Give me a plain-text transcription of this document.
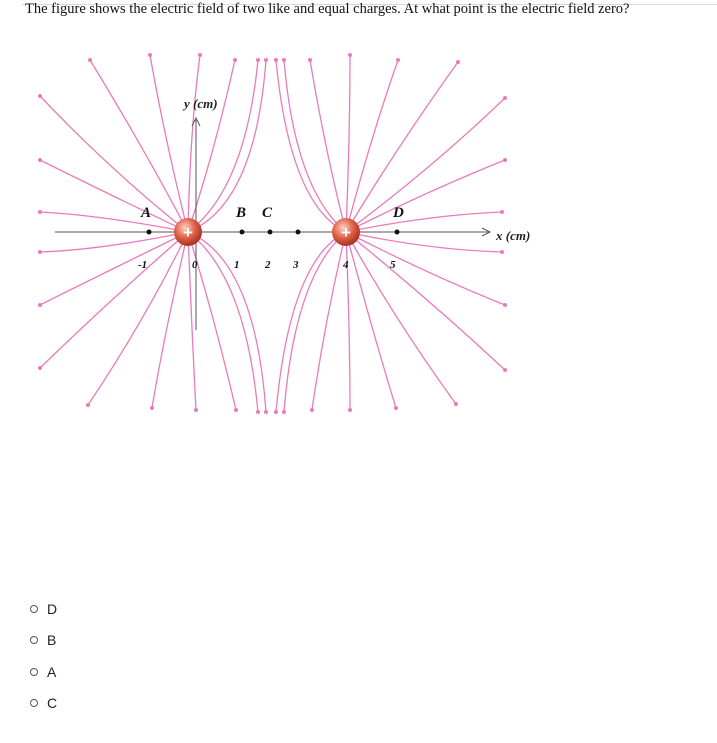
The figure shows the electric field of two like and equal charges. At what point is the electric field zero?
y (cm)
x (cm)
A	B C	D
-1	0	1 2 3	4	5
+	+
D
B
A
C
